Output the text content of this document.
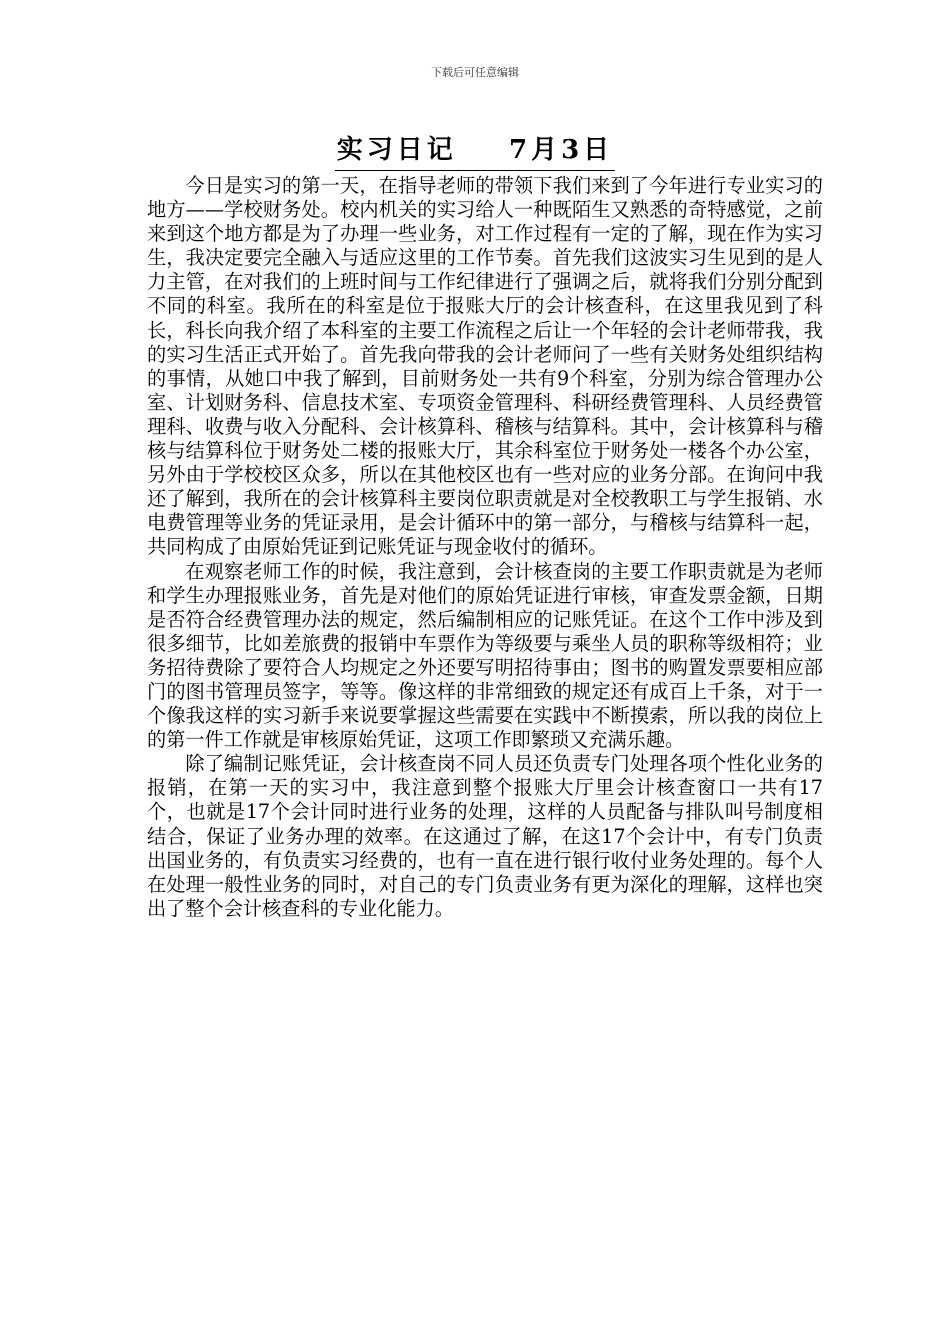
下载后可任意编辑
实习日记    7月3日

今日是实习的第一天，在指导老师的带领下我们来到了今年进行专业实习的地方——学校财务处。校内机关的实习给人一种既陌生又熟悉的奇特感觉，之前来到这个地方都是为了办理一些业务，对工作过程有一定的了解，现在作为实习生，我决定要完全融入与适应这里的工作节奏。首先我们这波实习生见到的是人力主管，在对我们的上班时间与工作纪律进行了强调之后，就将我们分别分配到不同的科室。我所在的科室是位于报账大厅的会计核查科，在这里我见到了科长，科长向我介绍了本科室的主要工作流程之后让一个年轻的会计老师带我，我的实习生活正式开始了。首先我向带我的会计老师问了一些有关财务处组织结构的事情，从她口中我了解到，目前财务处一共有9个科室，分别为综合管理办公室、计划财务科、信息技术室、专项资金管理科、科研经费管理科、人员经费管理科、收费与收入分配科、会计核算科、稽核与结算科。其中，会计核算科与稽核与结算科位于财务处二楼的报账大厅，其余科室位于财务处一楼各个办公室，另外由于学校校区众多，所以在其他校区也有一些对应的业务分部。在询问中我还了解到，我所在的会计核算科主要岗位职责就是对全校教职工与学生报销、水电费管理等业务的凭证录用，是会计循环中的第一部分，与稽核与结算科一起，共同构成了由原始凭证到记账凭证与现金收付的循环。

在观察老师工作的时候，我注意到，会计核查岗的主要工作职责就是为老师和学生办理报账业务，首先是对他们的原始凭证进行审核，审查发票金额，日期是否符合经费管理办法的规定，然后编制相应的记账凭证。在这个工作中涉及到很多细节，比如差旅费的报销中车票作为等级要与乘坐人员的职称等级相符；业务招待费除了要符合人均规定之外还要写明招待事由；图书的购置发票要相应部门的图书管理员签字，等等。像这样的非常细致的规定还有成百上千条，对于一个像我这样的实习新手来说要掌握这些需要在实践中不断摸索，所以我的岗位上的第一件工作就是审核原始凭证，这项工作即繁琐又充满乐趣。

除了编制记账凭证，会计核查岗不同人员还负责专门处理各项个性化业务的报销，在第一天的实习中，我注意到整个报账大厅里会计核查窗口一共有17个，也就是17个会计同时进行业务的处理，这样的人员配备与排队叫号制度相结合，保证了业务办理的效率。在这通过了解，在这17个会计中，有专门负责出国业务的，有负责实习经费的，也有一直在进行银行收付业务处理的。每个人在处理一般性业务的同时，对自己的专门负责业务有更为深化的理解，这样也突出了整个会计核查科的专业化能力。
